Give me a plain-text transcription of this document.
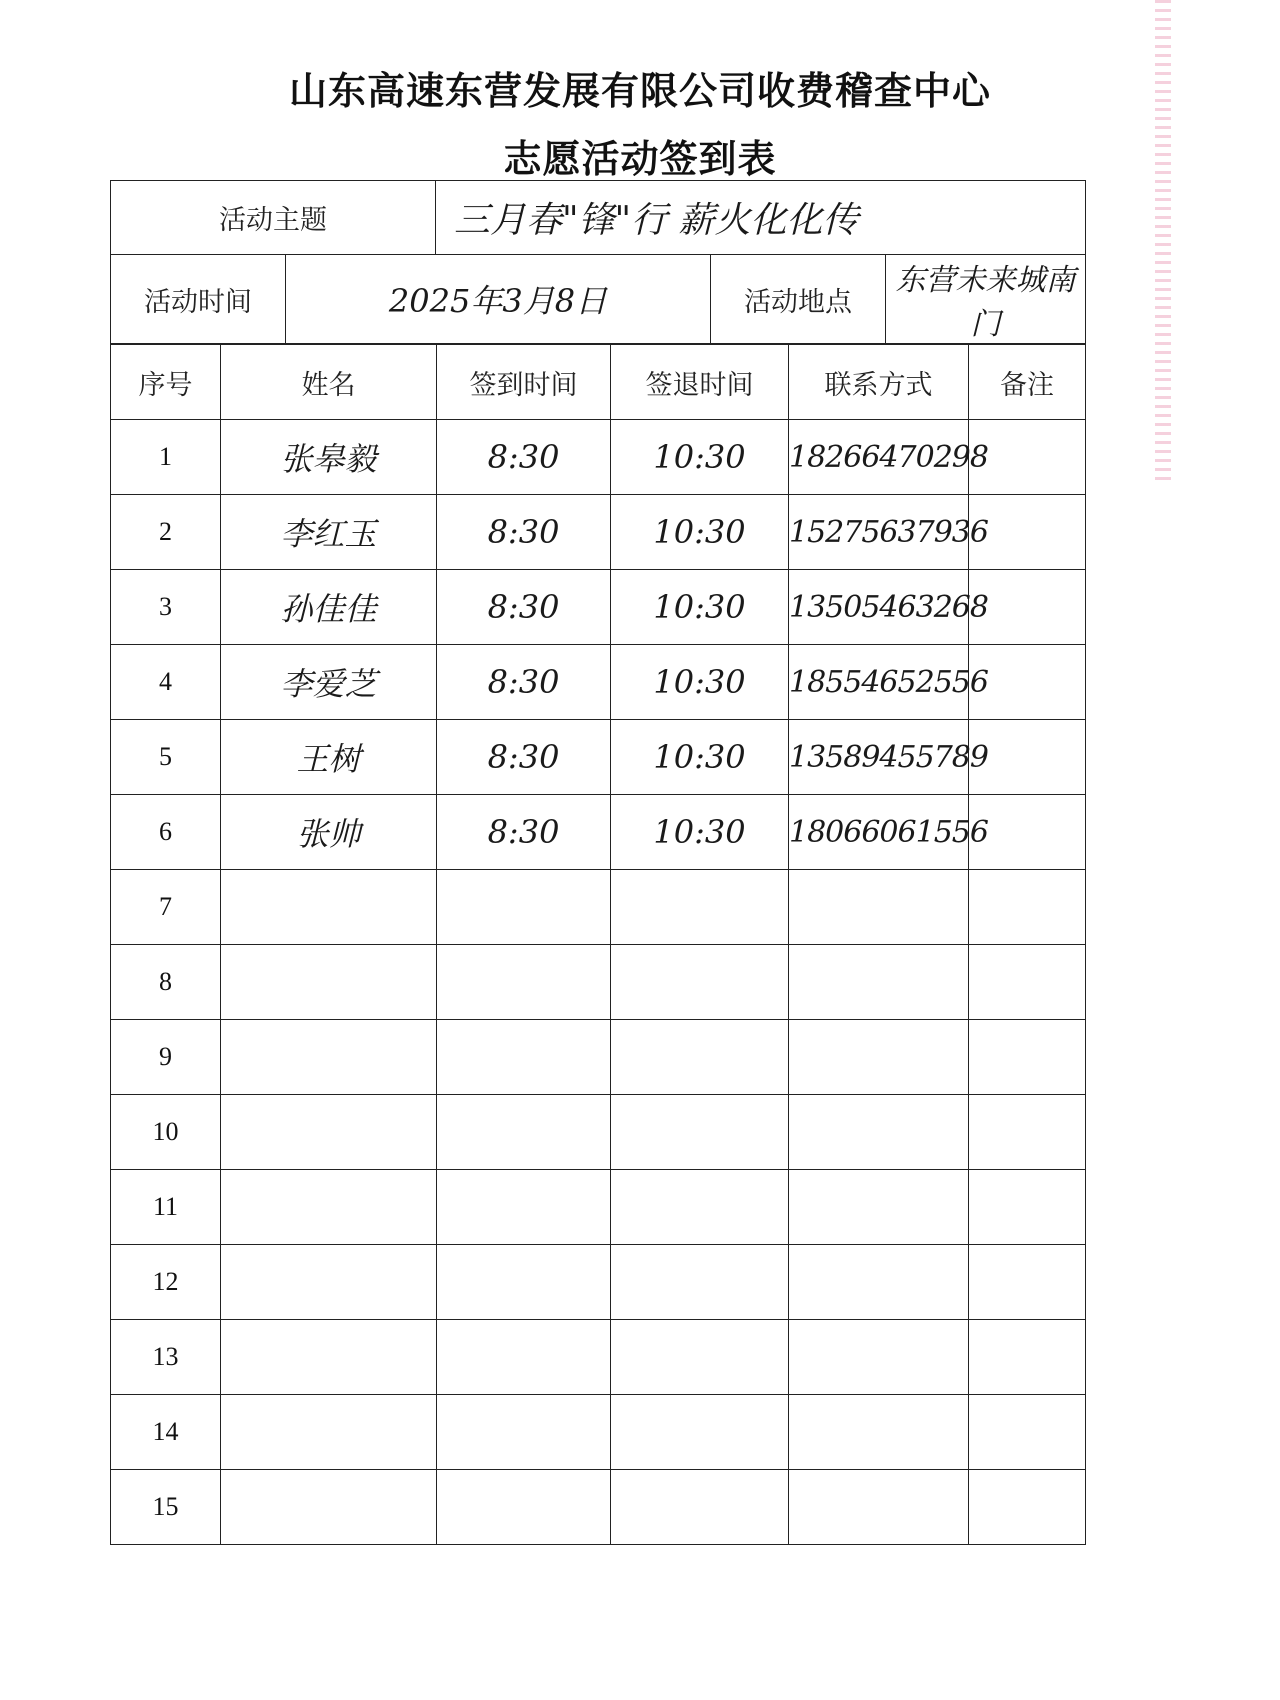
山东高速东营发展有限公司收费稽查中心
志愿活动签到表
活动主题		三月春"锋"行 薪火化化传		
活动时间	2025年3月8日		活动地点	东营未来城南门
序号	姓名	签到时间	签退时间	联系方式	备注
1	张皋毅	8:30	10:30	18266470298	
2	李红玉	8:30	10:30	15275637936	
3	孙佳佳	8:30	10:30	13505463268	
4	李爱芝	8:30	10:30	18554652556	
5	王树	8:30	10:30	13589455789	
6	张帅	8:30	10:30	18066061556	
7					
8					
9					
10					
11					
12					
13					
14					
15					
